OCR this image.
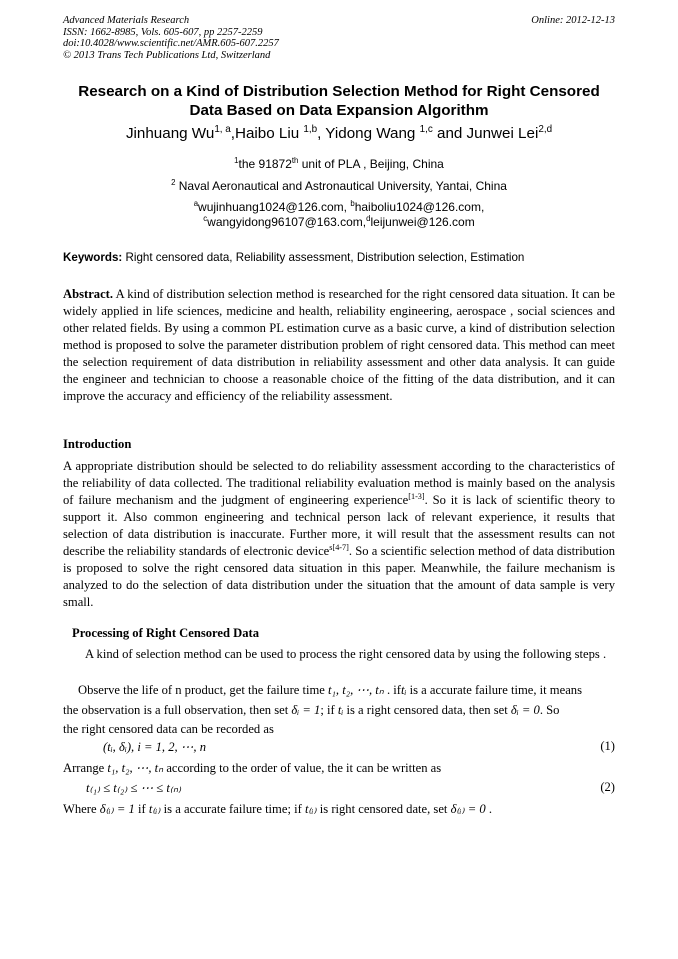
Advanced Materials Research
ISSN: 1662-8985, Vols. 605-607, pp 2257-2259
doi:10.4028/www.scientific.net/AMR.605-607.2257
© 2013 Trans Tech Publications Ltd, Switzerland
Online: 2012-12-13
Research on a Kind of Distribution Selection Method for Right Censored
Data Based on Data Expansion Algorithm
Jinhuang Wu$^{1, a}$,Haibo Liu $^{1,b}$, Yidong Wang $^{1,c}$ and Junwei Lei$^{2,d}$
$^1$the 91872th unit of PLA , Beijing, China
$^2$ Naval Aeronautical and Astronautical University, Yantai, China
$^a$wujinhuang1024@126.com, $^b$haiboliu1024@126.com,
$^c$wangyidong96107@163.com,$^d$leijunwei@126.com
Keywords: Right censored data, Reliability assessment, Distribution selection, Estimation
Abstract. A kind of distribution selection method is researched for the right censored data situation. It can be widely applied in life sciences, medicine and health, reliability engineering, aerospace , social sciences and other related fields. By using a common PL estimation curve as a basic curve, a kind of distribution selection method is proposed to solve the parameter distribution problem of right censored data. This method can meet the selection requirement of data distribution in reliability assessment and other data analysis. It can guide the engineer and technician to choose a reasonable choice of the fitting of the data distribution, and it can improve the accuracy and efficiency of the reliability assessment.
Introduction
A appropriate distribution should be selected to do reliability assessment according to the characteristics of the reliability of data collected. The traditional reliability evaluation method is mainly based on the analysis of failure mechanism and the judgment of engineering experience[1-3]. So it is lack of scientific theory to support it. Also common engineering and technical person lack of relevant experience, it results that selection of data distribution is inaccurate. Further more, it will result that the assessment results can not describe the reliability standards of electronic device$^{s[4-7]}$. So a scientific selection method of data distribution is proposed to solve the right censored data situation in this paper. Meanwhile, the failure mechanism is analyzed to do the selection of data distribution under the situation that the amount of data sample is very small.
Processing of Right Censored Data
A kind of selection method can be used to process the right censored data by using the following steps .
Observe the life of n product, get the failure time t₁, t₂, ⋯, tₙ . iftᵢ is a accurate failure time, it means
the observation is a full observation, then set δᵢ = 1; if tᵢ is a right censored data, then set δᵢ = 0. So
the right censored data can be recorded as
(tᵢ, δᵢ), i = 1, 2, ⋯, n	(1)
Arrange t₁, t₂, ⋯, tₙ according to the order of value, the it can be written as
t₍₁₎ ≤ t₍₂₎ ≤ ⋯ ≤ t₍ₙ₎	(2)
Where δ₍ᵢ₎ = 1 if t₍ᵢ₎ is a accurate failure time; if t₍ᵢ₎ is right censored date, set δ₍ᵢ₎ = 0 .
